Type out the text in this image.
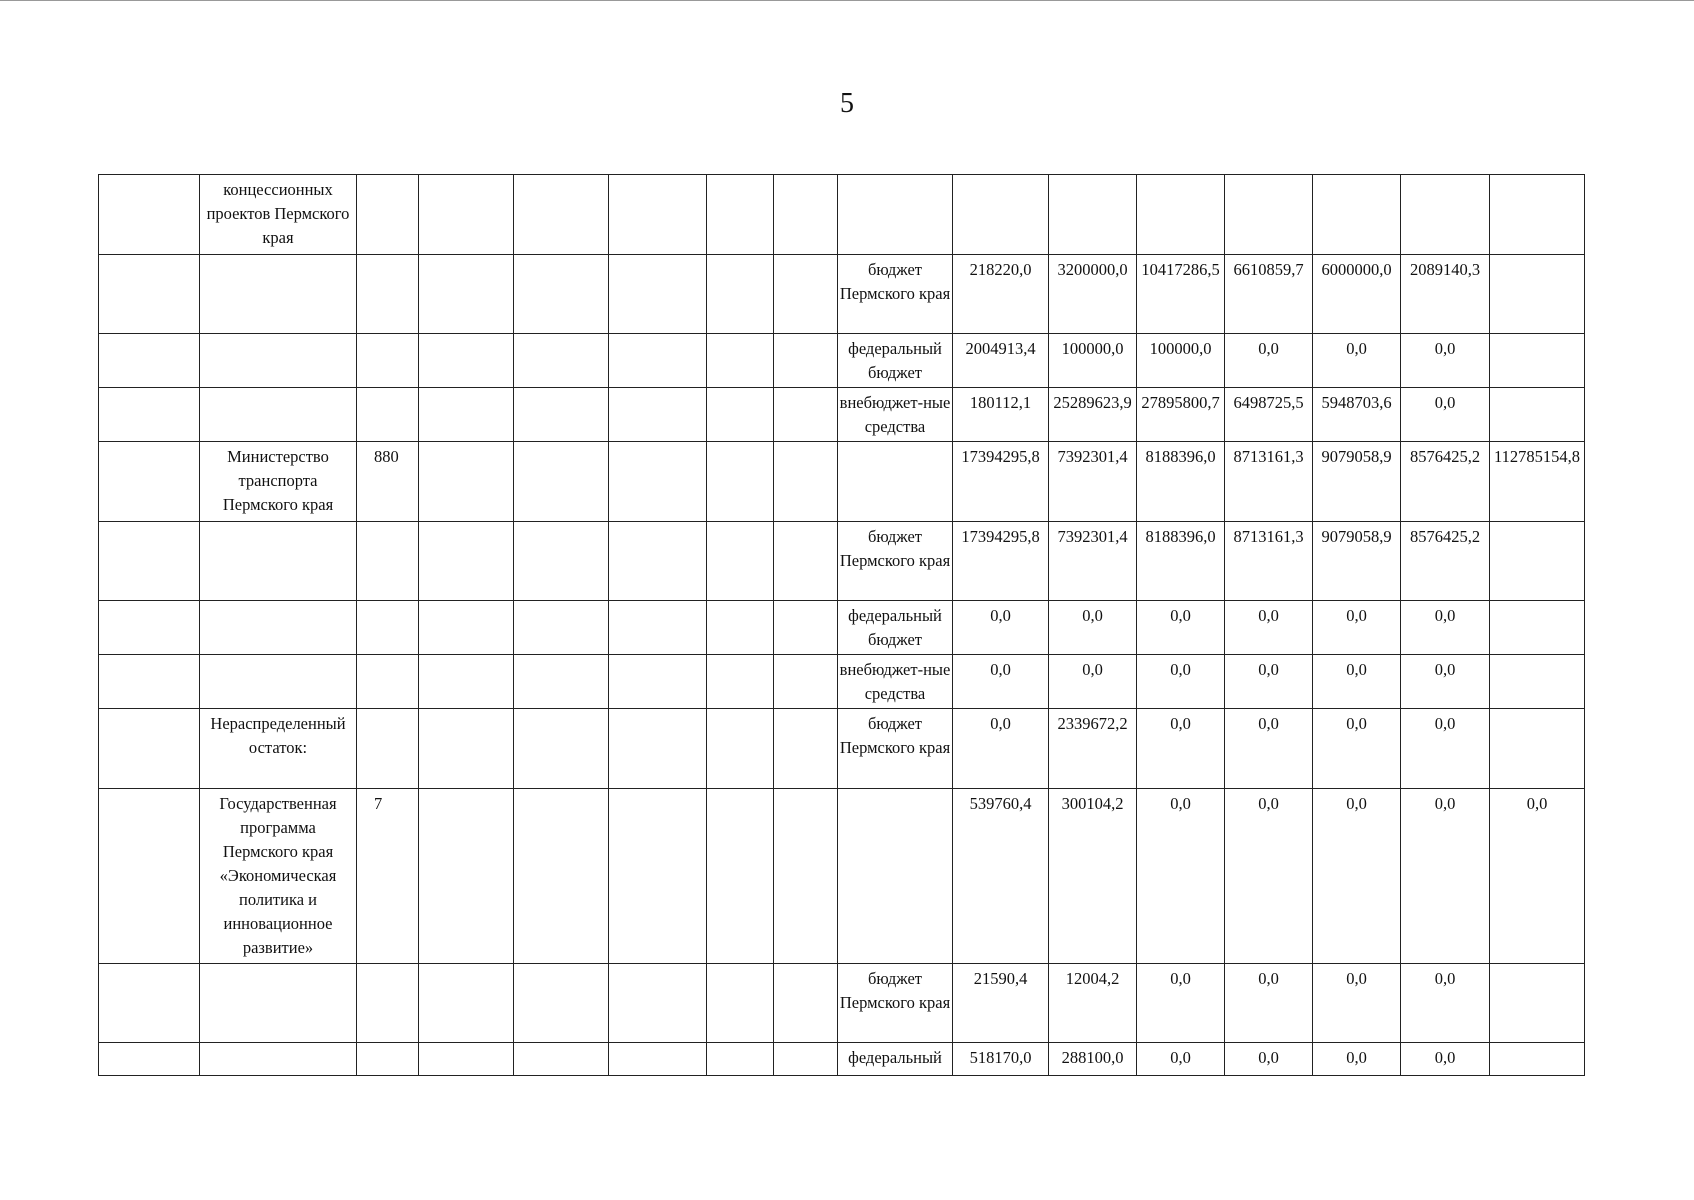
5
	концессионных проектов Пермского края														
								бюджет Пермского края	218220,0	3200000,0	10417286,5	6610859,7	6000000,0	2089140,3	
								федеральный бюджет	2004913,4	100000,0	100000,0	0,0	0,0	0,0	
								внебюджет-ные средства	180112,1	25289623,9	27895800,7	6498725,5	5948703,6	0,0	
	Министерство транспорта Пермского края	880							17394295,8	7392301,4	8188396,0	8713161,3	9079058,9	8576425,2	112785154,8
								бюджет Пермского края	17394295,8	7392301,4	8188396,0	8713161,3	9079058,9	8576425,2	
								федеральный бюджет	0,0	0,0	0,0	0,0	0,0	0,0	
								внебюджет-ные средства	0,0	0,0	0,0	0,0	0,0	0,0	
	Нераспределенный остаток:							бюджет Пермского края	0,0	2339672,2	0,0	0,0	0,0	0,0	
	Государственная программа Пермского края «Экономическая политика и инновационное развитие»	7							539760,4	300104,2	0,0	0,0	0,0	0,0	0,0
								бюджет Пермского края	21590,4	12004,2	0,0	0,0	0,0	0,0	
								федеральный	518170,0	288100,0	0,0	0,0	0,0	0,0	
